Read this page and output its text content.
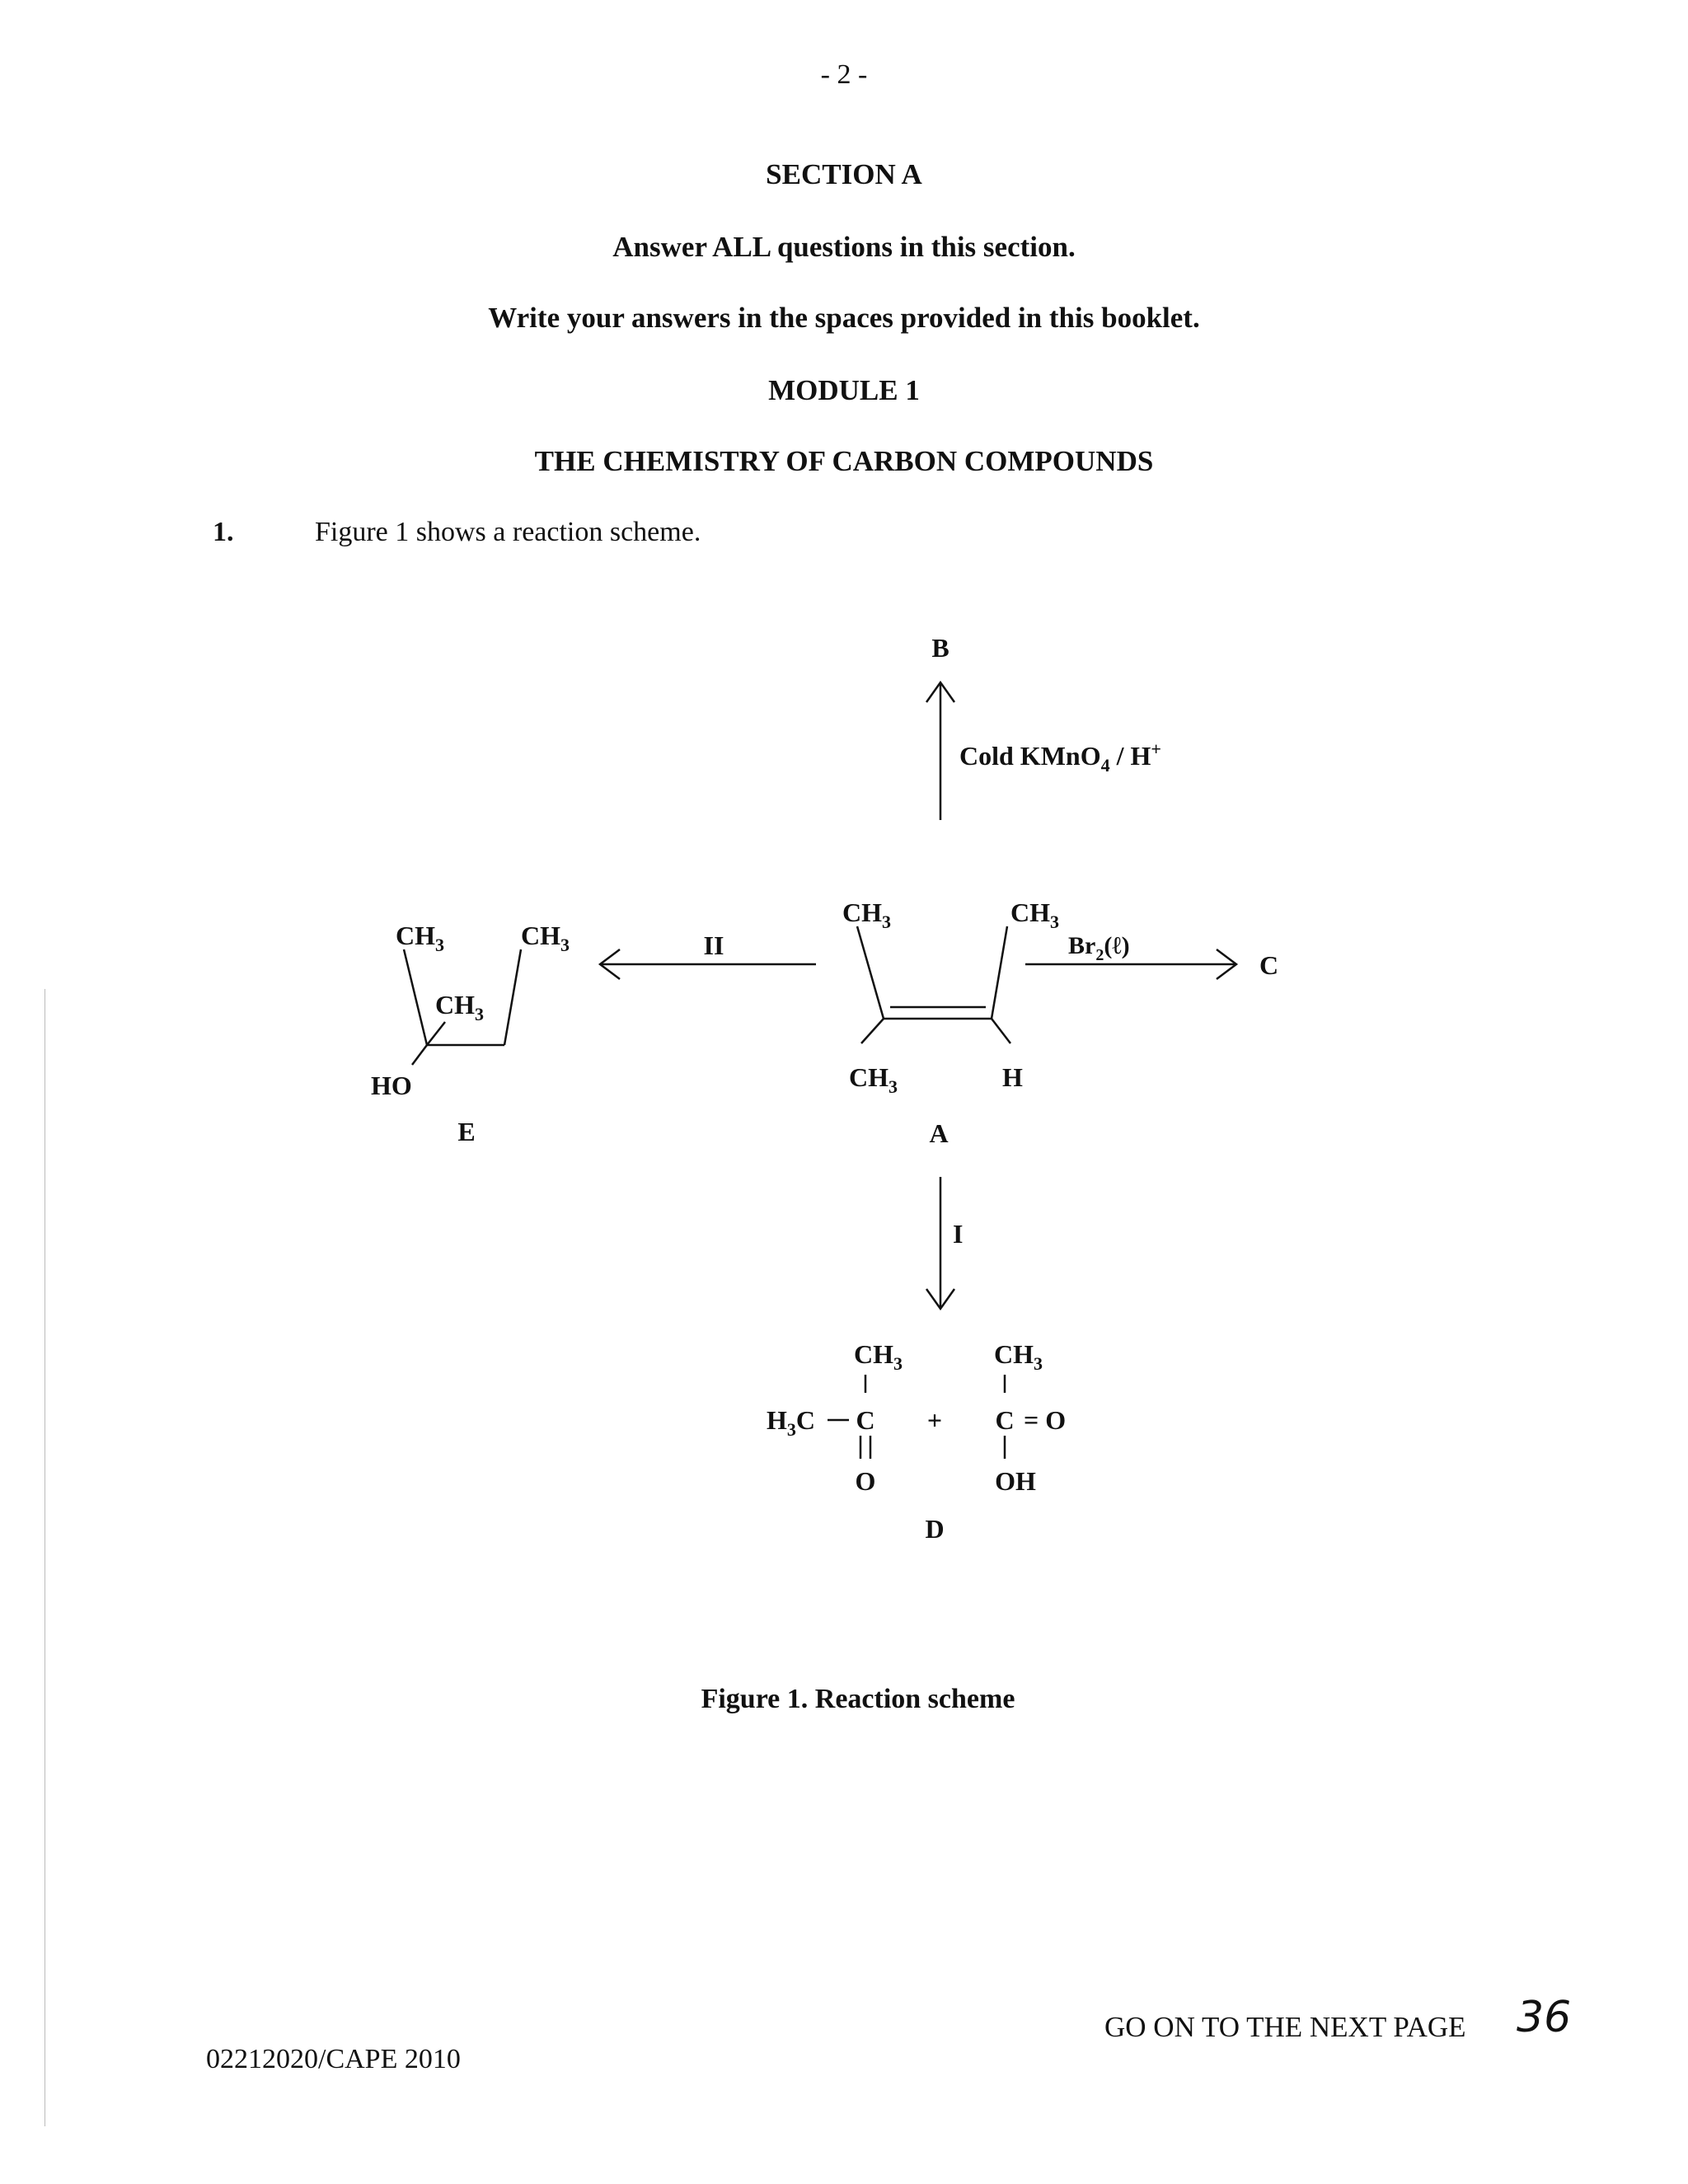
- 2 -
SECTION A
Answer ALL questions in this section.
Write your answers in the spaces provided in this booklet.
MODULE 1
THE CHEMISTRY OF CARBON COMPOUNDS
1.	Figure 1 shows a reaction scheme.
B
Cold KMnO$_4$ / H+
$CH_3$	$CH_3$
$CH_3$	H
A
II
I
$Br_2(\ell)$
C
$CH_3$	$CH_3$
$CH_3$
HO
E
$CH_3$
$H_3C$ C
O
+
$CH_3$
C = O
OH
D
Figure 1. Reaction scheme
GO ON TO THE NEXT PAGE 36
02212020/CAPE 2010
